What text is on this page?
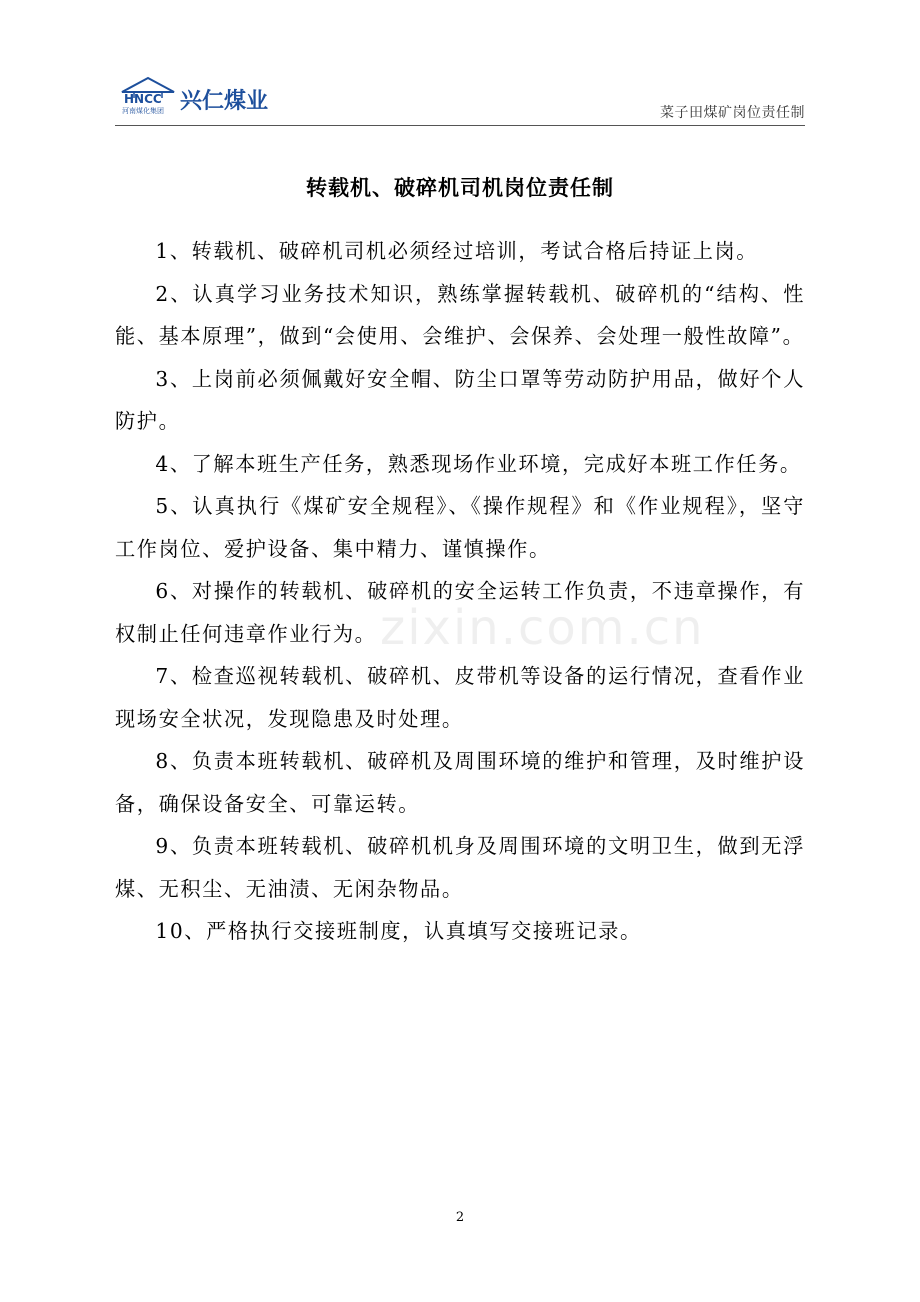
HNCC
河南煤化集团 兴仁煤业	菜子田煤矿岗位责任制
转载机、破碎机司机岗位责任制

1、转载机、破碎机司机必须经过培训，考试合格后持证上岗。

2、认真学习业务技术知识，熟练掌握转载机、破碎机的“结构、性能、基本原理”，做到“会使用、会维护、会保养、会处理一般性故障”。

3、上岗前必须佩戴好安全帽、防尘口罩等劳动防护用品，做好个人防护。

4、了解本班生产任务，熟悉现场作业环境，完成好本班工作任务。

5、认真执行《煤矿安全规程》、《操作规程》和《作业规程》，坚守工作岗位、爱护设备、集中精力、谨慎操作。

6、对操作的转载机、破碎机的安全运转工作负责，不违章操作，有权制止任何违章作业行为。

7、检查巡视转载机、破碎机、皮带机等设备的运行情况，查看作业现场安全状况，发现隐患及时处理。

8、负责本班转载机、破碎机及周围环境的维护和管理，及时维护设备，确保设备安全、可靠运转。

9、负责本班转载机、破碎机机身及周围环境的文明卫生，做到无浮煤、无积尘、无油渍、无闲杂物品。

10、严格执行交接班制度，认真填写交接班记录。

zixin.com.cn
2
